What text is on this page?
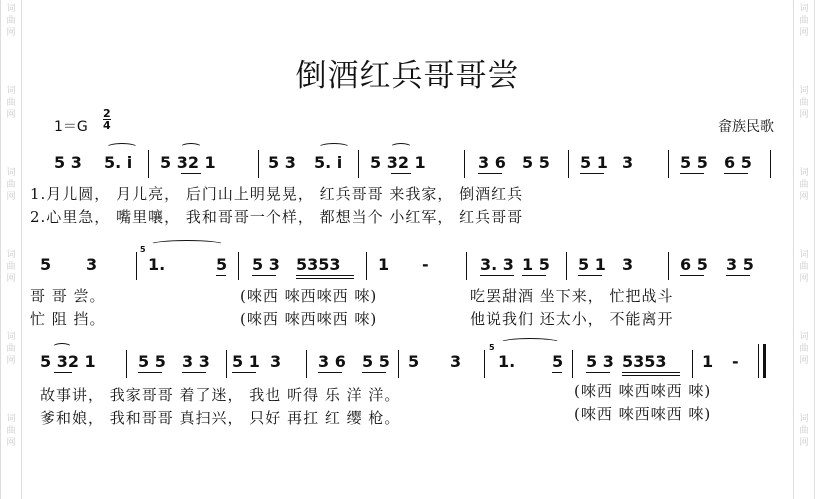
词
曲
网
词
曲
网
词
曲
网
词
曲
网
词
曲
网
词
曲
网
词
曲
网
词
曲
网
词
曲
网
词
曲
网
词
曲
网
词
曲
网
倒酒红兵哥哥尝
1＝G
2
4	畲族民歌
5 3 5. i 5 32 1	5 3 5. i 5 32 1	3 6 5 5 5 1 3	5 5 6 5
1.月儿圆， 月儿亮， 后门山上明晃晃， 红兵哥哥 来我家， 倒酒红兵
2.心里急， 嘴里嚷， 我和哥哥一个样， 都想当个 小红军， 红兵哥哥
5 3
5
1.	5 5 3 5353 1 -	3. 3 1 5 5 1 3	6 5 3 5
哥 哥 尝。	(唻西 唻西唻西 唻)	吃罢甜酒 坐下来， 忙把战斗
忙 阻 挡。	(唻西 唻西唻西 唻)	他说我们 还太小， 不能离开
5 32 1	5 5 3 3 5 1 3 3 6 5 5 5 3
5
1. 5 5 3 5353 1 -
故事讲， 我家哥哥 着了迷， 我也 听得 乐 洋 洋。	(唻西 唻西唻西 唻)
爹和娘， 我和哥哥 真扫兴， 只好 再扛 红 缨 枪。	(唻西 唻西唻西 唻)
